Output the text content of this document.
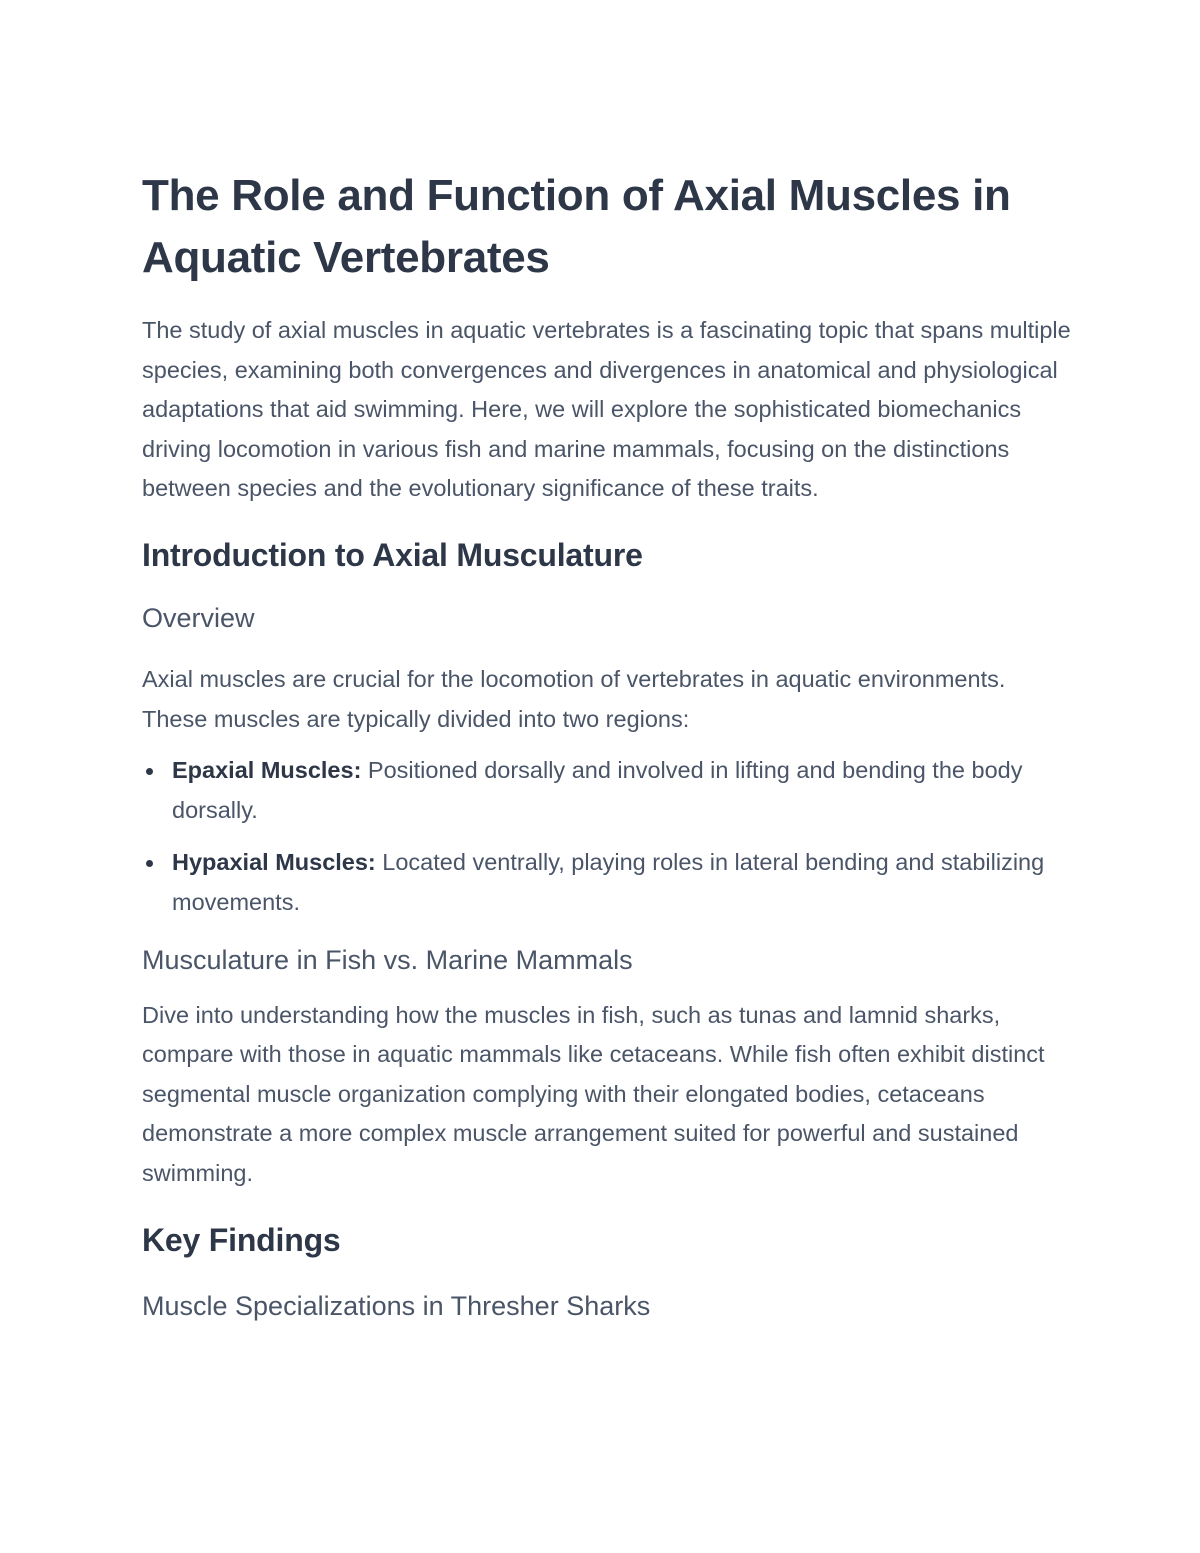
The Role and Function of Axial Muscles in Aquatic Vertebrates

The study of axial muscles in aquatic vertebrates is a fascinating topic that spans multiple species, examining both convergences and divergences in anatomical and physiological adaptations that aid swimming. Here, we will explore the sophisticated biomechanics driving locomotion in various fish and marine mammals, focusing on the distinctions between species and the evolutionary significance of these traits.

Introduction to Axial Musculature
Overview

Axial muscles are crucial for the locomotion of vertebrates in aquatic environments. These muscles are typically divided into two regions:

Epaxial Muscles: Positioned dorsally and involved in lifting and bending the body dorsally.
Hypaxial Muscles: Located ventrally, playing roles in lateral bending and stabilizing movements.
Musculature in Fish vs. Marine Mammals

Dive into understanding how the muscles in fish, such as tunas and lamnid sharks, compare with those in aquatic mammals like cetaceans. While fish often exhibit distinct segmental muscle organization complying with their elongated bodies, cetaceans demonstrate a more complex muscle arrangement suited for powerful and sustained swimming.

Key Findings
Muscle Specializations in Thresher Sharks
